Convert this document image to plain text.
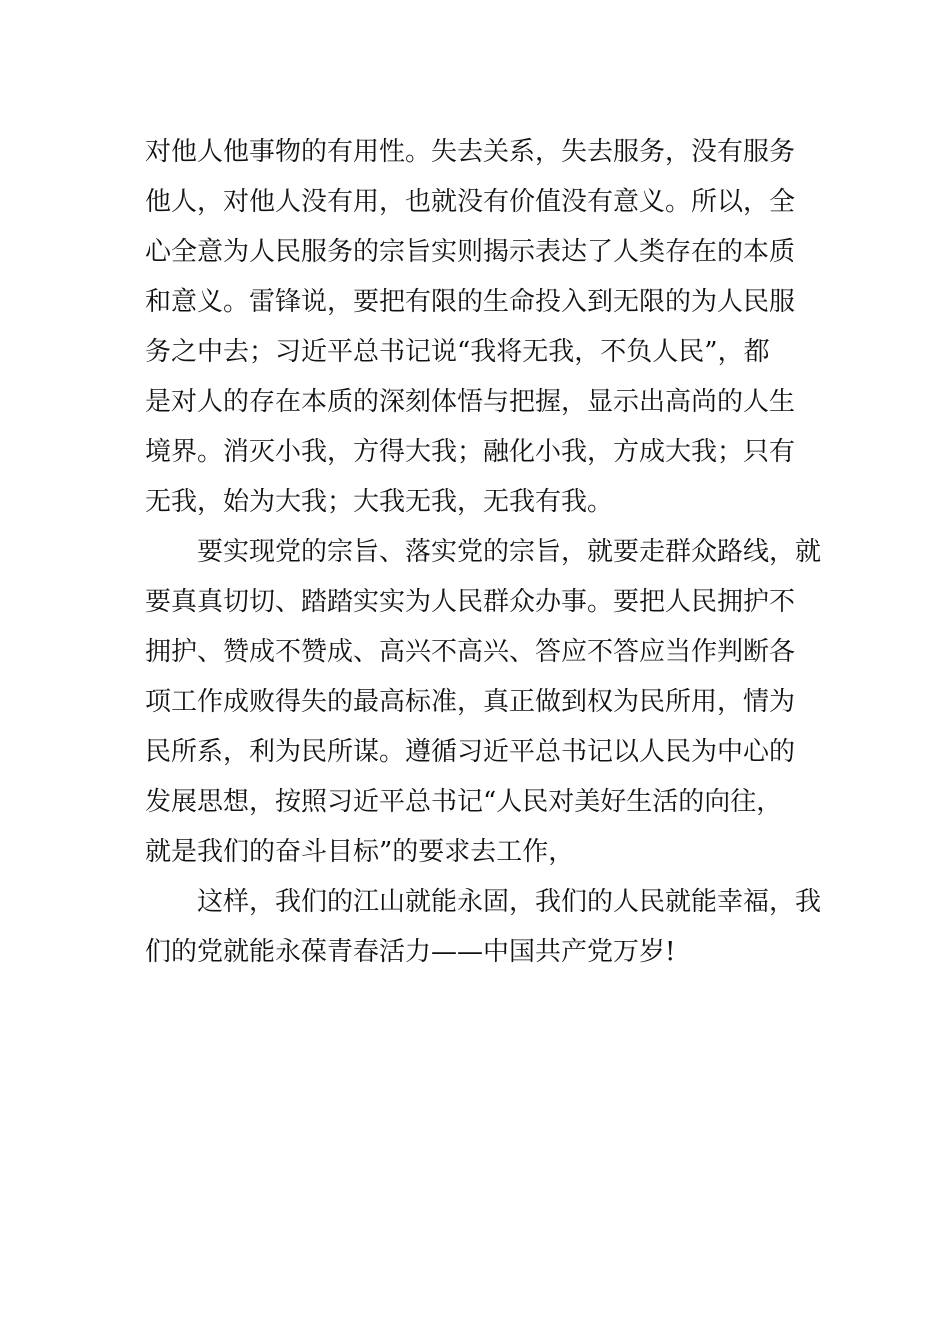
对他人他事物的有用性。失去关系，失去服务，没有服务
他人，对他人没有用，也就没有价值没有意义。所以，全
心全意为人民服务的宗旨实则揭示表达了人类存在的本质
和意义。雷锋说，要把有限的生命投入到无限的为人民服
务之中去；习近平总书记说“我将无我，不负人民”，都
是对人的存在本质的深刻体悟与把握，显示出高尚的人生
境界。消灭小我，方得大我；融化小我，方成大我；只有
无我，始为大我；大我无我，无我有我。
　　要实现党的宗旨、落实党的宗旨，就要走群众路线，就
要真真切切、踏踏实实为人民群众办事。要把人民拥护不
拥护、赞成不赞成、高兴不高兴、答应不答应当作判断各
项工作成败得失的最高标准，真正做到权为民所用，情为
民所系，利为民所谋。遵循习近平总书记以人民为中心的
发展思想，按照习近平总书记“人民对美好生活的向往，
就是我们的奋斗目标”的要求去工作，
　　这样，我们的江山就能永固，我们的人民就能幸福，我
们的党就能永葆青春活力——中国共产党万岁!
